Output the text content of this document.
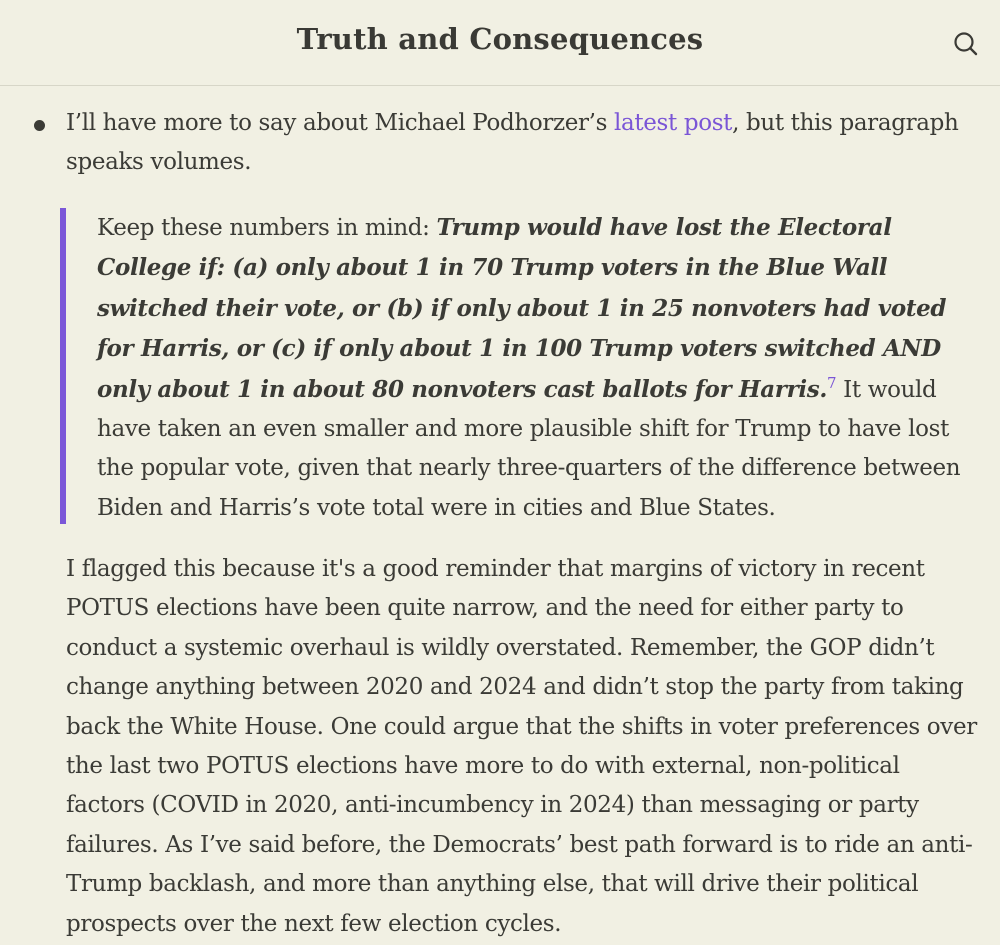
Truth and Consequences
I’ll have more to say about Michael Podhorzer’s latest post, but this paragraph speaks volumes.
Keep these numbers in mind: Trump would have lost the Electoral College if: (a) only about 1 in 70 Trump voters in the Blue Wall switched their vote, or (b) if only about 1 in 25 nonvoters had voted for Harris, or (c) if only about 1 in 100 Trump voters switched AND only about 1 in about 80 nonvoters cast ballots for Harris.$^7$ It would have taken an even smaller and more plausible shift for Trump to have lost the popular vote, given that nearly three-quarters of the difference between Biden and Harris’s vote total were in cities and Blue States.
I flagged this because it's a good reminder that margins of victory in recent POTUS elections have been quite narrow, and the need for either party to conduct a systemic overhaul is wildly overstated. Remember, the GOP didn’t change anything between 2020 and 2024 and didn’t stop the party from taking back the White House. One could argue that the shifts in voter preferences over the last two POTUS elections have more to do with external, non-political factors (COVID in 2020, anti-incumbency in 2024) than messaging or party failures. As I’ve said before, the Democrats’ best path forward is to ride an anti-Trump backlash, and more than anything else, that will drive their political prospects over the next few election cycles.
